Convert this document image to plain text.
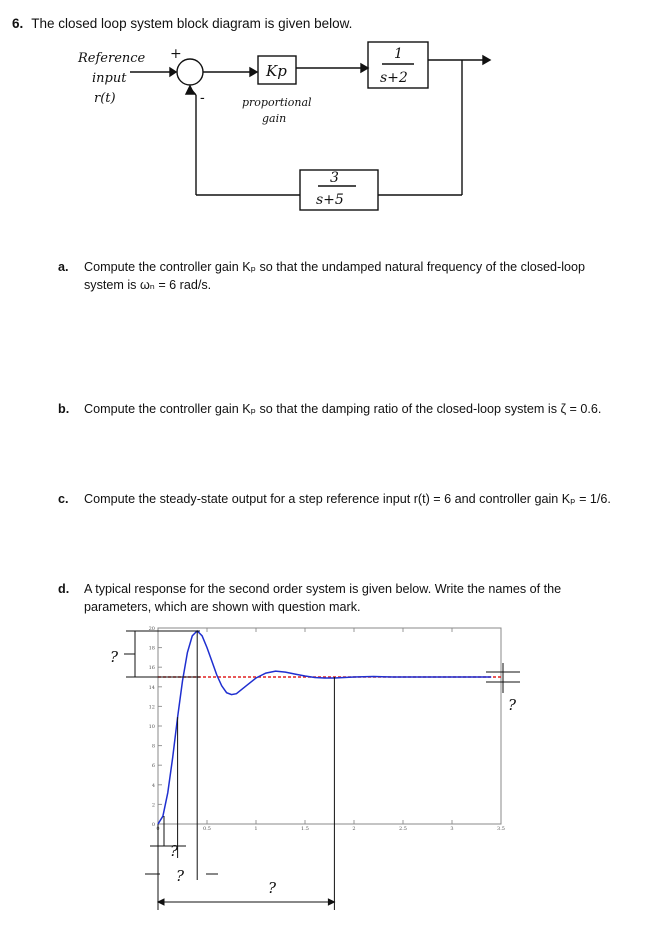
6. The closed loop system block diagram is given below.
Reference
input
r(t)
+
-
Kp
proportional
gain
1
s+2
3
s+5
a. Compute the controller gain Kₚ so that the undamped natural frequency of the closed-loop system is ωₙ = 6 rad/s.
b. Compute the controller gain Kₚ so that the damping ratio of the closed-loop system is ζ = 0.6.
c. Compute the steady-state output for a step reference input r(t) = 6 and controller gain Kₚ = 1/6.
d. A typical response for the second order system is given below. Write the names of the parameters, which are shown with question mark.
20
18
16
14
12
10
8
6
4
2
0
0	0.5	1	1.5	2	2.5	3	3.5
?
?
?
?
?
